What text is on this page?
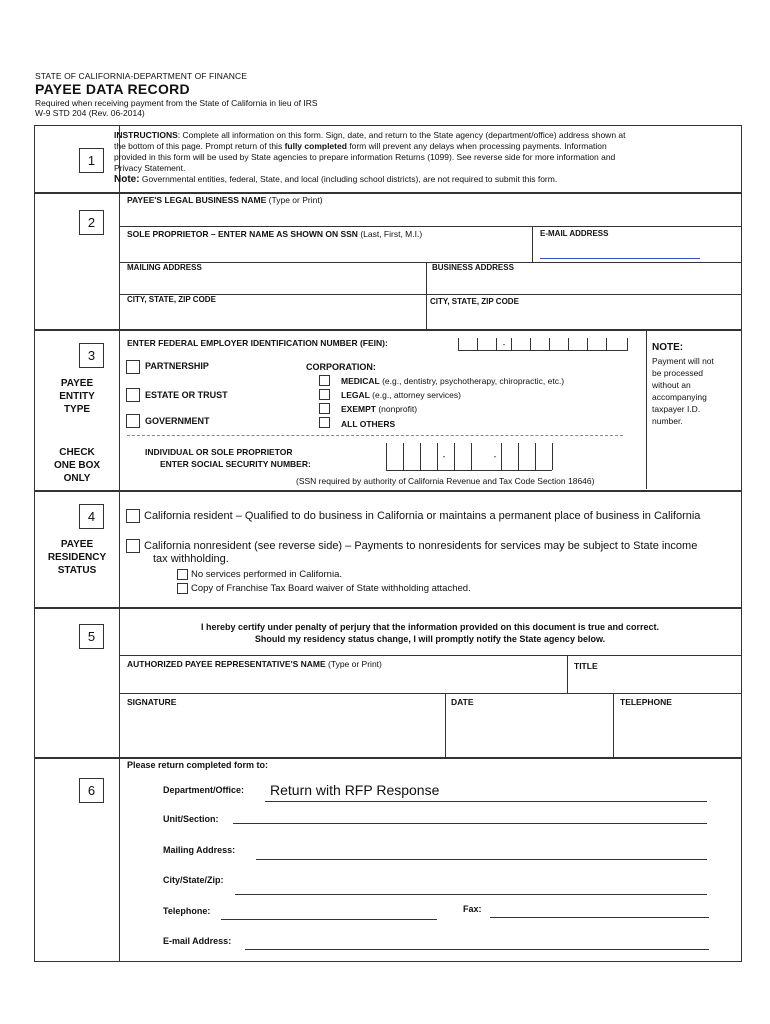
STATE OF CALIFORNIA-DEPARTMENT OF FINANCE
PAYEE DATA RECORD
Required when receiving payment from the State of California in lieu of IRS
W-9 STD 204 (Rev. 06-2014)
1
INSTRUCTIONS: Complete all information on this form. Sign, date, and return to the State agency (department/office) address shown at
the bottom of this page. Prompt return of this fully completed form will prevent any delays when processing payments. Information
provided in this form will be used by State agencies to prepare information Returns (1099). See reverse side for more information and
Privacy Statement.
Note: Governmental entities, federal, State, and local (including school districts), are not required to submit this form.
2
PAYEE'S LEGAL BUSINESS NAME (Type or Print)
SOLE PROPRIETOR – ENTER NAME AS SHOWN ON SSN (Last, First, M.I.)	E-MAIL ADDRESS
MAILING ADDRESS	BUSINESS ADDRESS
CITY, STATE, ZIP CODE	CITY, STATE, ZIP CODE
3
PAYEE
ENTITY
TYPE
CHECK
ONE BOX
ONLY
ENTER FEDERAL EMPLOYER IDENTIFICATION NUMBER (FEIN):	-	NOTE:
Payment will not
be processed
without an
accompanying
taxpayer I.D.
number.
PARTNERSHIP
ESTATE OR TRUST
GOVERNMENT
CORPORATION:
MEDICAL (e.g., dentistry, psychotherapy, chiropractic, etc.)
LEGAL (e.g., attorney services)
EXEMPT (nonprofit)
ALL OTHERS
INDIVIDUAL OR SOLE PROPRIETOR
ENTER SOCIAL SECURITY NUMBER:
-	-
(SSN required by authority of California Revenue and Tax Code Section 18646)
4
PAYEE
RESIDENCY
STATUS
California resident – Qualified to do business in California or maintains a permanent place of business in California
California nonresident (see reverse side) – Payments to nonresidents for services may be subject to State income
tax withholding.
No services performed in California.
Copy of Franchise Tax Board waiver of State withholding attached.
5
I hereby certify under penalty of perjury that the information provided on this document is true and correct.
Should my residency status change, I will promptly notify the State agency below.
AUTHORIZED PAYEE REPRESENTATIVE'S NAME (Type or Print)	TITLE
SIGNATURE	DATE	TELEPHONE
6
Please return completed form to:
Department/Office: Return with RFP Response
Unit/Section:
Mailing Address:
City/State/Zip:
Telephone:	Fax:
E-mail Address:
